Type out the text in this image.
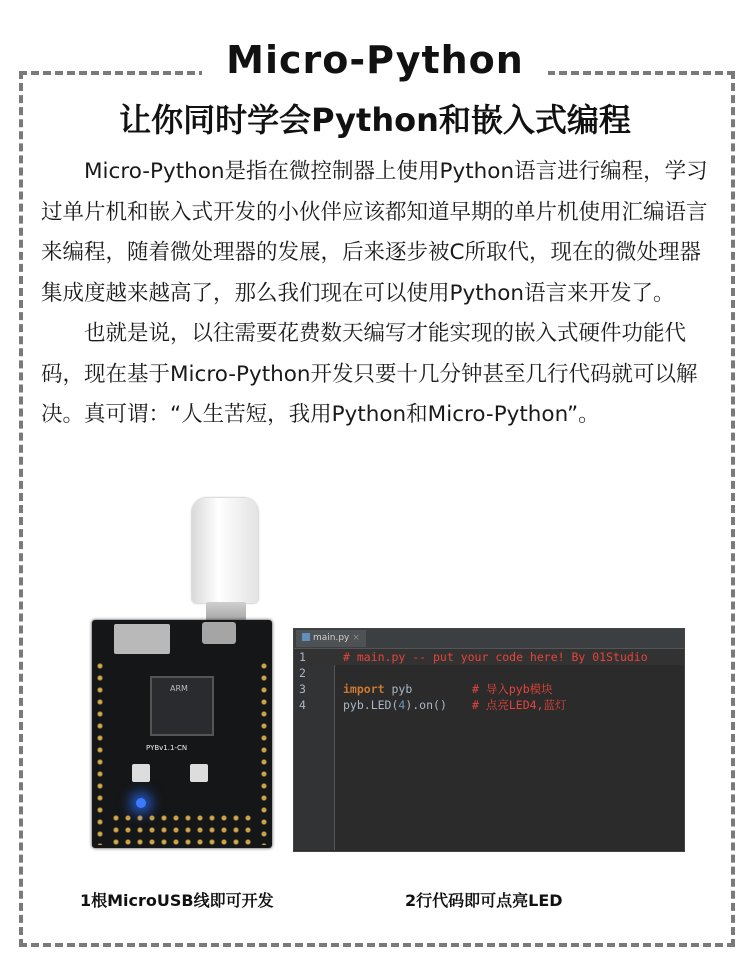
Micro-Python
让你同时学会Python和嵌入式编程

Micro-Python是指在微控制器上使用Python语言进行编程，学习过单片机和嵌入式开发的小伙伴应该都知道早期的单片机使用汇编语言来编程，随着微处理器的发展，后来逐步被C所取代，现在的微处理器集成度越来越高了，那么我们现在可以使用Python语言来开发了。

也就是说，以往需要花费数天编写才能实现的嵌入式硬件功能代码，现在基于Micro-Python开发只要十几分钟甚至几行代码就可以解决。真可谓：“人生苦短，我用Python和Micro-Python”。

ARM
PYBv1.1-CN
main.py ×

1

	# main.py -- put your code here! By 01Studio

2

3

	import pyb

	# 导入pyb模块

4

	pyb.LED(4).on()

# 点亮LED4,蓝灯

1根MicroUSB线即可开发	2行代码即可点亮LED
